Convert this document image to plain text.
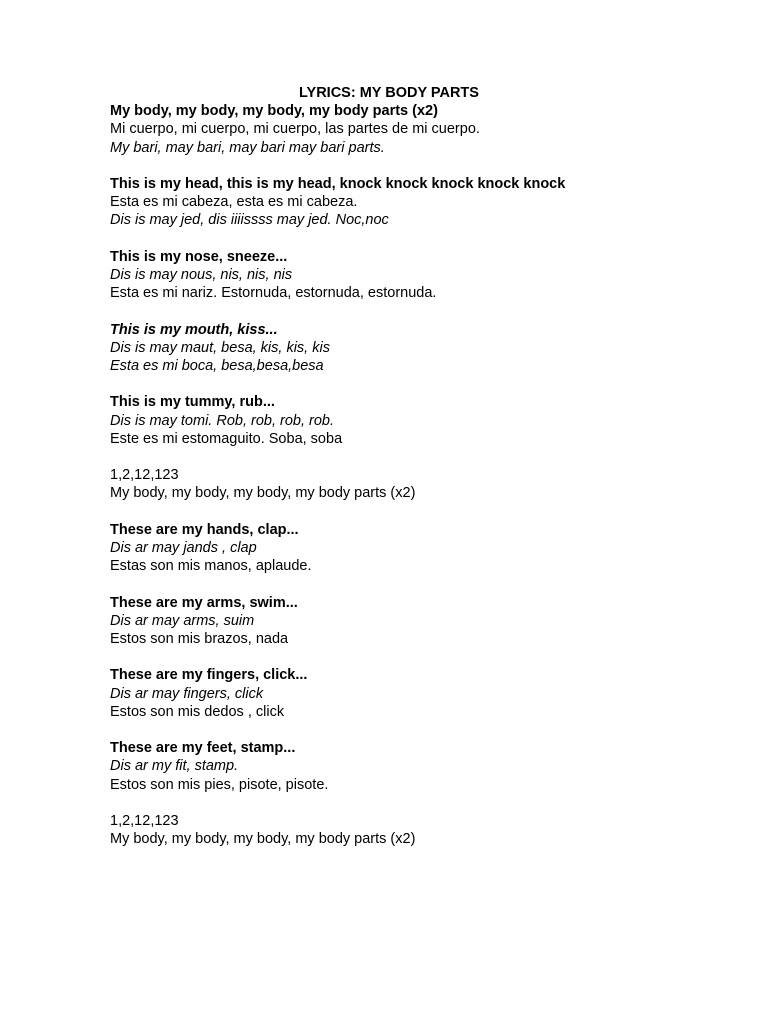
LYRICS: MY BODY PARTS

My body, my body, my body, my body parts (x2)
Mi cuerpo, mi cuerpo, mi cuerpo, las partes de mi cuerpo.
My bari, may bari, may bari may bari parts.
This is my head, this is my head, knock knock knock knock knock
Esta es mi cabeza, esta es mi cabeza.
Dis is may jed, dis iiiissss may jed. Noc,noc
This is my nose, sneeze...
Dis is may nous, nis, nis, nis
Esta es mi nariz. Estornuda, estornuda, estornuda.
This is my mouth, kiss...
Dis is may maut, besa, kis, kis, kis
Esta es mi boca, besa,besa,besa
This is my tummy, rub...
Dis is may tomi. Rob, rob, rob, rob.
Este es mi estomaguito. Soba, soba
1,2,12,123
My body, my body, my body, my body parts (x2)
These are my hands, clap...
Dis ar may jands , clap
Estas son mis manos, aplaude.
These are my arms, swim...
Dis ar may arms, suim
Estos son mis brazos, nada
These are my fingers, click...
Dis ar may fingers, click
Estos son mis dedos , click
These are my feet, stamp...
Dis ar my fit, stamp.
Estos son mis pies, pisote, pisote.
1,2,12,123
My body, my body, my body, my body parts (x2)
